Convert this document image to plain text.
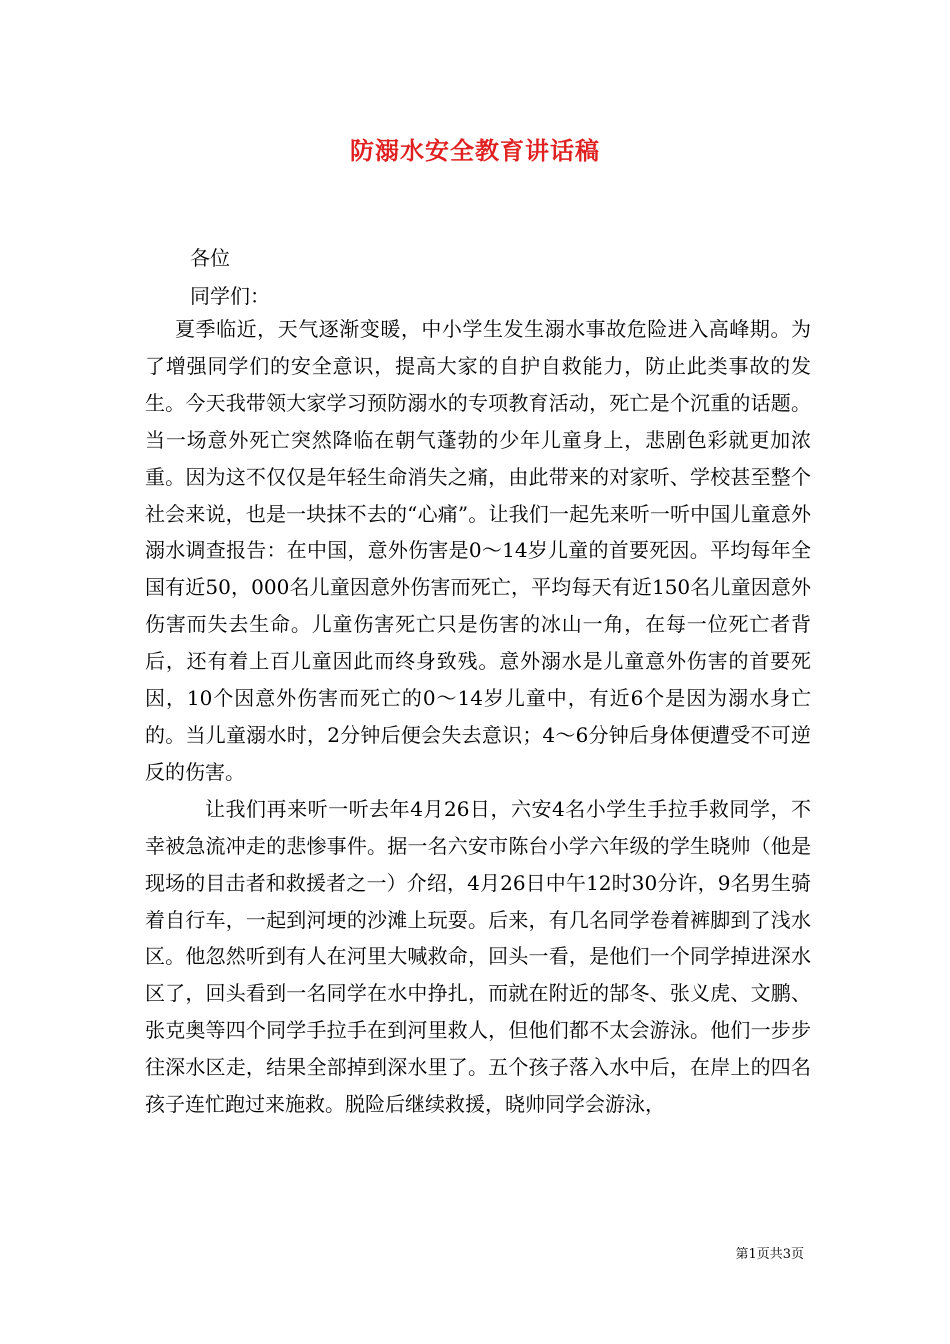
防溺水安全教育讲话稿
各位
同学们：

夏季临近，天气逐渐变暖，中小学生发生溺水事故危险进入高峰期。为了增强同学们的安全意识，提高大家的自护自救能力，防止此类事故的发生。今天我带领大家学习预防溺水的专项教育活动，死亡是个沉重的话题。当一场意外死亡突然降临在朝气蓬勃的少年儿童身上，悲剧色彩就更加浓重。因为这不仅仅是年轻生命消失之痛，由此带来的对家听、学校甚至整个社会来说，也是一块抹不去的“心痛”。让我们一起先来听一听中国儿童意外溺水调查报告：在中国，意外伤害是0～14岁儿童的首要死因。平均每年全国有近50，000名儿童因意外伤害而死亡，平均每天有近150名儿童因意外伤害而失去生命。儿童伤害死亡只是伤害的冰山一角，在每一位死亡者背后，还有着上百儿童因此而终身致残。意外溺水是儿童意外伤害的首要死因，10个因意外伤害而死亡的0～14岁儿童中，有近6个是因为溺水身亡的。当儿童溺水时，2分钟后便会失去意识；4～6分钟后身体便遭受不可逆反的伤害。

让我们再来听一听去年4月26日，六安4名小学生手拉手救同学，不幸被急流冲走的悲惨事件。据一名六安市陈台小学六年级的学生晓帅（他是现场的目击者和救援者之一）介绍，4月26日中午12时30分许，9名男生骑着自行车，一起到河埂的沙滩上玩耍。后来，有几名同学卷着裤脚到了浅水区。他忽然听到有人在河里大喊救命，回头一看，是他们一个同学掉进深水区了，回头看到一名同学在水中挣扎，而就在附近的郜冬、张义虎、文鹏、张克奥等四个同学手拉手在到河里救人，但他们都不太会游泳。他们一步步往深水区走，结果全部掉到深水里了。五个孩子落入水中后，在岸上的四名孩子连忙跑过来施救。脱险后继续救援，晓帅同学会游泳，

第1页共3页
